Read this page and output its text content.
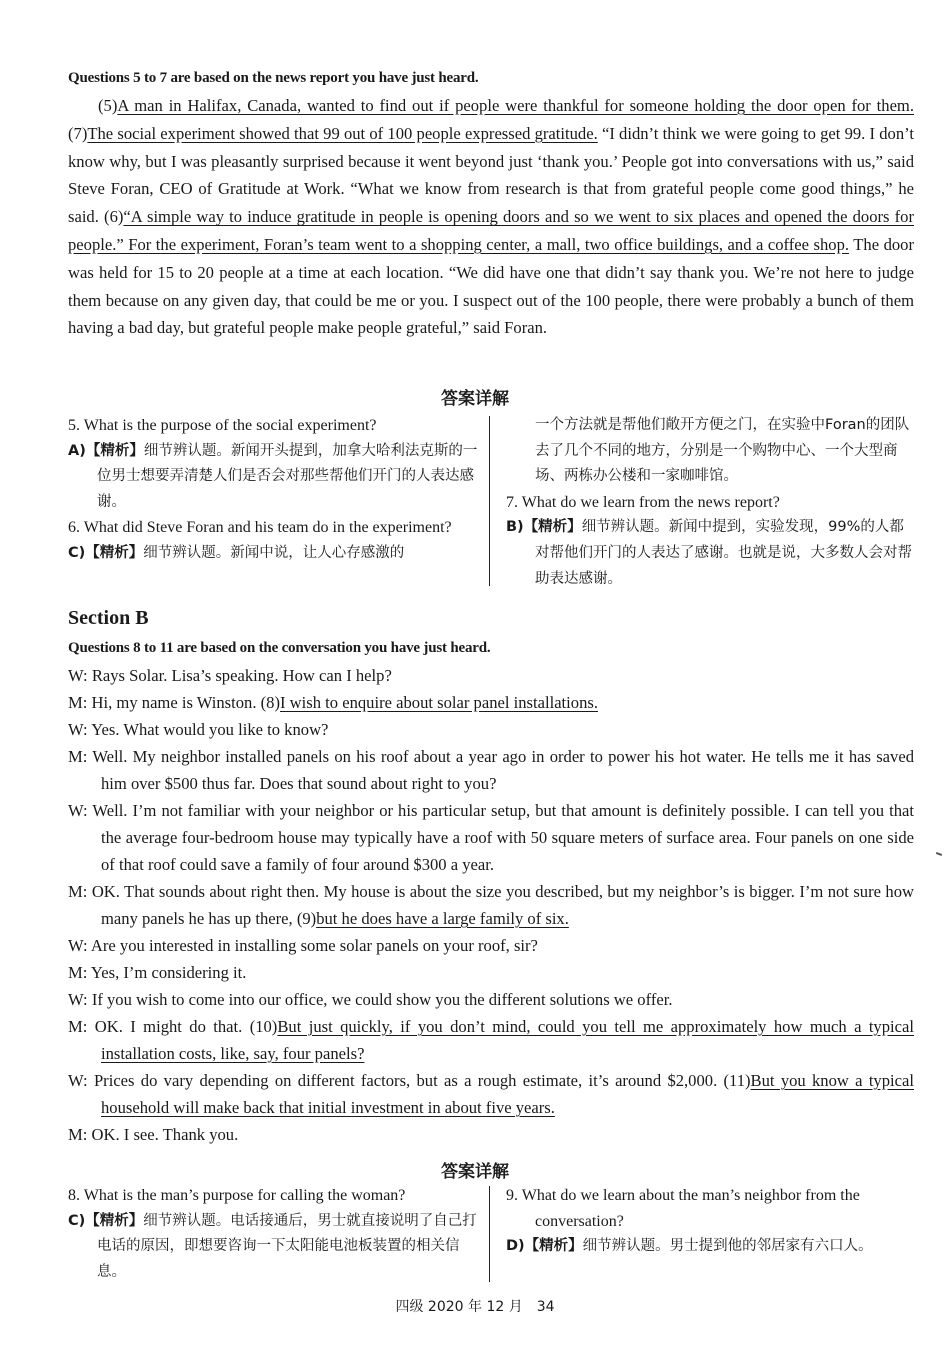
Questions 5 to 7 are based on the news report you have just heard.
(5)A man in Halifax, Canada, wanted to find out if people were thankful for someone holding the door open for them. (7)The social experiment showed that 99 out of 100 people expressed gratitude. “I didn’t think we were going to get 99. I don’t know why, but I was pleasantly surprised because it went beyond just ‘thank you.’ People got into conversations with us,” said Steve Foran, CEO of Gratitude at Work. “What we know from research is that from grateful people come good things,” he said. (6)“A simple way to induce gratitude in people is opening doors and so we went to six places and opened the doors for people.” For the experiment, Foran’s team went to a shopping center, a mall, two office buildings, and a coffee shop. The door was held for 15 to 20 people at a time at each location. “We did have one that didn’t say thank you. We’re not here to judge them because on any given day, that could be me or you. I suspect out of the 100 people, there were probably a bunch of them having a bad day, but grateful people make people grateful,” said Foran.
答案详解
5. What is the purpose of the social experiment?
A)【精析】细节辨认题。新闻开头提到，加拿大哈利法克斯的一位男士想要弄清楚人们是否会对那些帮他们开门的人表达感谢。
6. What did Steve Foran and his team do in the experiment?
C)【精析】细节辨认题。新闻中说，让人心存感激的
一个方法就是帮他们敞开方便之门，在实验中Foran的团队去了几个不同的地方，分别是一个购物中心、一个大型商场、两栋办公楼和一家咖啡馆。
7. What do we learn from the news report?
B)【精析】细节辨认题。新闻中提到，实验发现，99%的人都对帮他们开门的人表达了感谢。也就是说，大多数人会对帮助表达感谢。
Section B
Questions 8 to 11 are based on the conversation you have just heard.
W: Rays Solar. Lisa’s speaking. How can I help?
M: Hi, my name is Winston. (8)I wish to enquire about solar panel installations.
W: Yes. What would you like to know?
M: Well. My neighbor installed panels on his roof about a year ago in order to power his hot water. He tells me it has saved him over $500 thus far. Does that sound about right to you?
W: Well. I’m not familiar with your neighbor or his particular setup, but that amount is definitely possible. I can tell you that the average four-bedroom house may typically have a roof with 50 square meters of surface area. Four panels on one side of that roof could save a family of four around $300 a year.
M: OK. That sounds about right then. My house is about the size you described, but my neighbor’s is bigger. I’m not sure how many panels he has up there, (9)but he does have a large family of six.
W: Are you interested in installing some solar panels on your roof, sir?
M: Yes, I’m considering it.
W: If you wish to come into our office, we could show you the different solutions we offer.
M: OK. I might do that. (10)But just quickly, if you don’t mind, could you tell me approximately how much a typical installation costs, like, say, four panels?
W: Prices do vary depending on different factors, but as a rough estimate, it’s around $2,000. (11)But you know a typical household will make back that initial investment in about five years.
M: OK. I see. Thank you.
答案详解
8. What is the man’s purpose for calling the woman?
C)【精析】细节辨认题。电话接通后，男士就直接说明了自己打电话的原因，即想要咨询一下太阳能电池板装置的相关信息。
9. What do we learn about the man’s neighbor from the conversation?
D)【精析】细节辨认题。男士提到他的邻居家有六口人。
四级 2020 年 12 月　34
